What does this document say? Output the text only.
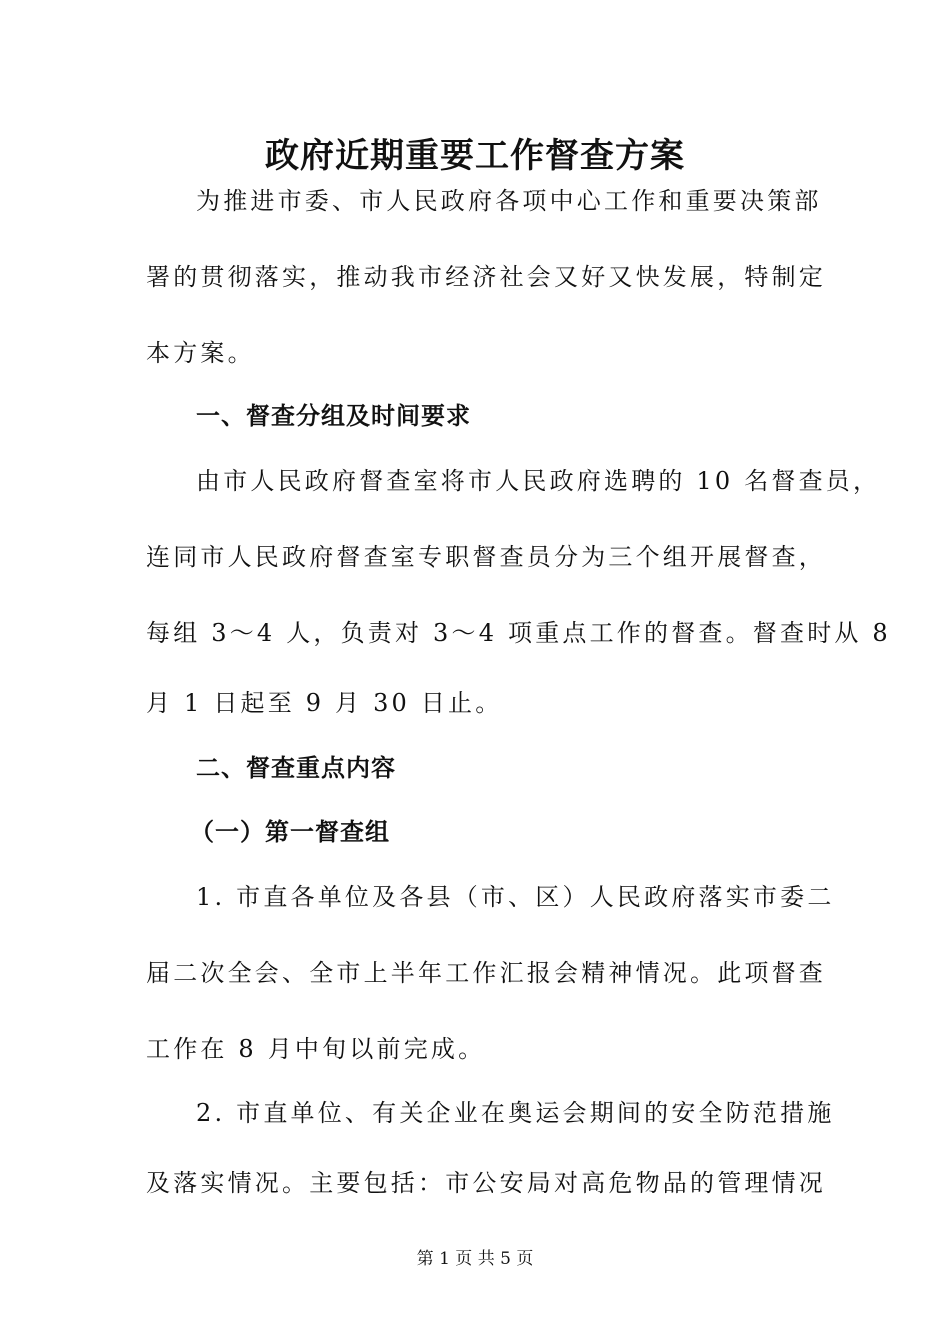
政府近期重要工作督查方案

为推进市委、市人民政府各项中心工作和重要决策部

署的贯彻落实，推动我市经济社会又好又快发展，特制定

本方案。

一、督查分组及时间要求

由市人民政府督查室将市人民政府选聘的 10 名督查员，

连同市人民政府督查室专职督查员分为三个组开展督查，

每组 3～4 人，负责对 3～4 项重点工作的督查。督查时从 8

月 1 日起至 9 月 30 日止。

二、督查重点内容

（一）第一督查组

1. 市直各单位及各县（市、区）人民政府落实市委二

届二次全会、全市上半年工作汇报会精神情况。此项督查

工作在 8 月中旬以前完成。

2. 市直单位、有关企业在奥运会期间的安全防范措施

及落实情况。主要包括：市公安局对高危物品的管理情况

第 1 页 共 5 页
